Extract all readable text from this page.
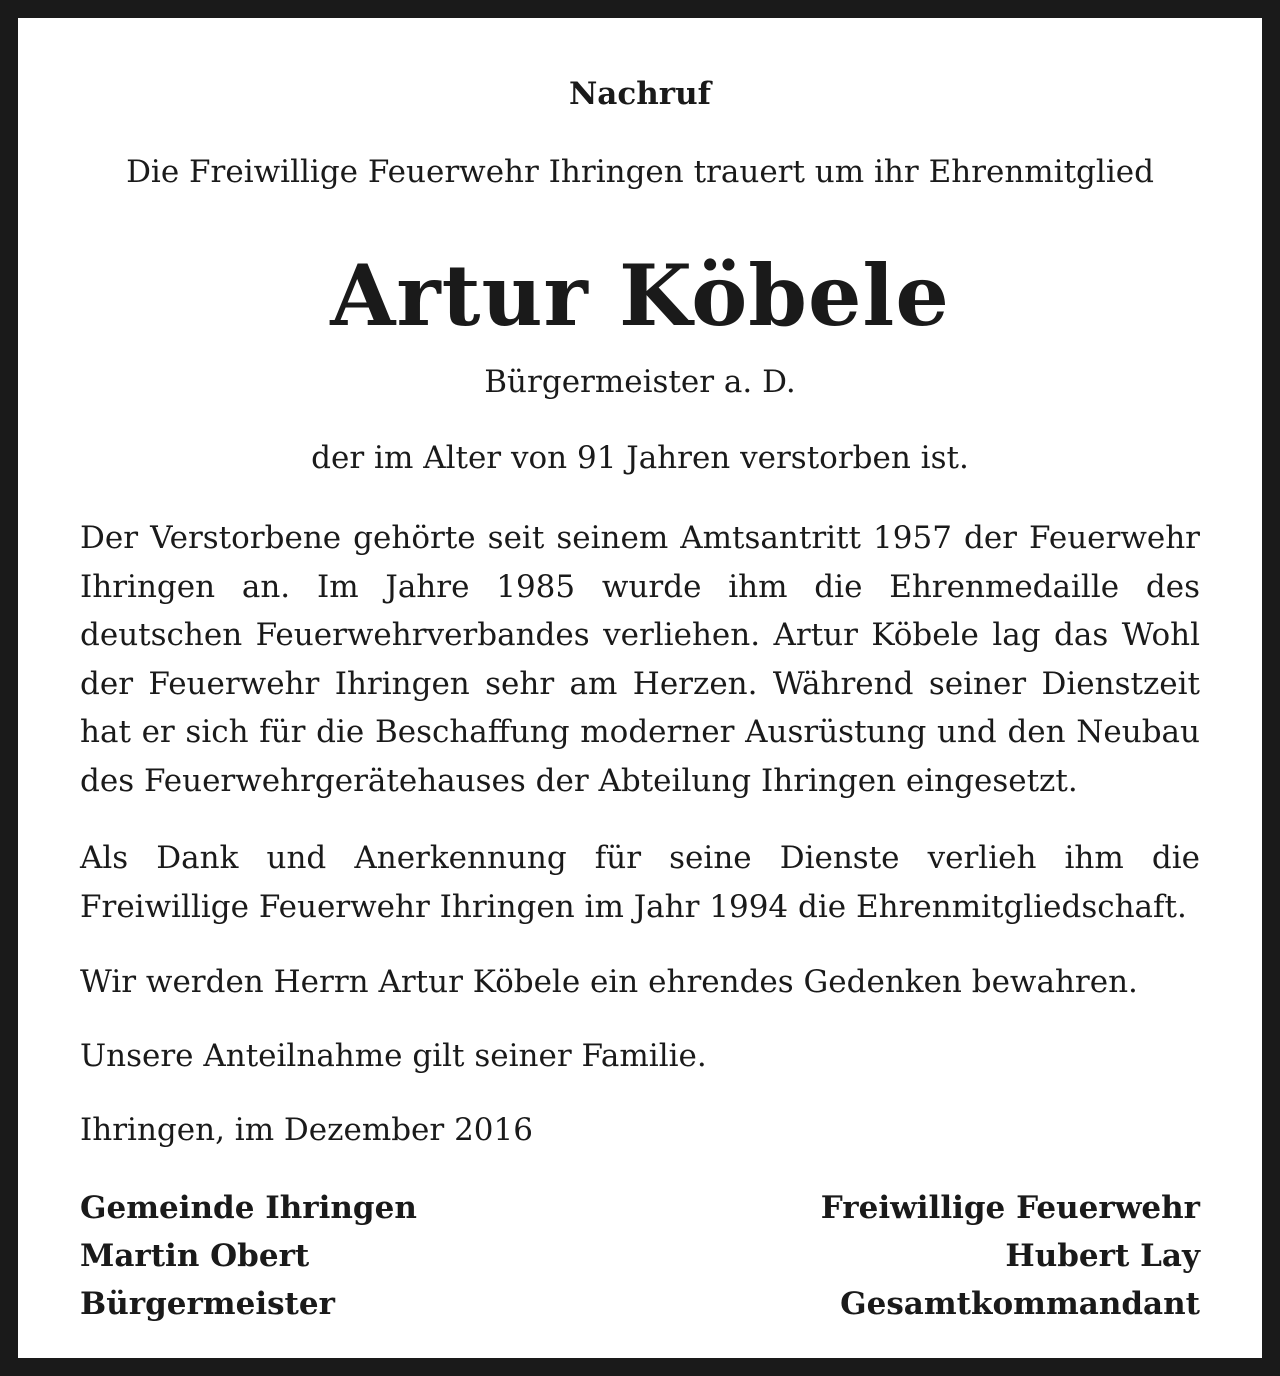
Nachruf
Die Freiwillige Feuerwehr Ihringen trauert um ihr Ehrenmitglied
Artur Köbele
Bürgermeister a. D.
der im Alter von 91 Jahren verstorben ist.

Der Verstorbene gehörte seit seinem Amtsantritt 1957 der Feuerwehr Ihringen an. Im Jahre 1985 wurde ihm die Ehrenmedaille des deutschen Feuerwehrverbandes verliehen. Artur Köbele lag das Wohl der Feuerwehr Ihringen sehr am Herzen. Während seiner Dienstzeit hat er sich für die Beschaffung moderner Ausrüstung und den Neubau des Feuerwehrgerätehauses der Abteilung Ihringen eingesetzt.

Als Dank und Anerkennung für seine Dienste verlieh ihm die Freiwillige Feuerwehr Ihringen im Jahr 1994 die Ehrenmitgliedschaft.

Wir werden Herrn Artur Köbele ein ehrendes Gedenken bewahren.

Unsere Anteilnahme gilt seiner Familie.

Ihringen, im Dezember 2016

Gemeinde Ihringen
Martin Obert
Bürgermeister
Freiwillige Feuerwehr
Hubert Lay
Gesamtkommandant
